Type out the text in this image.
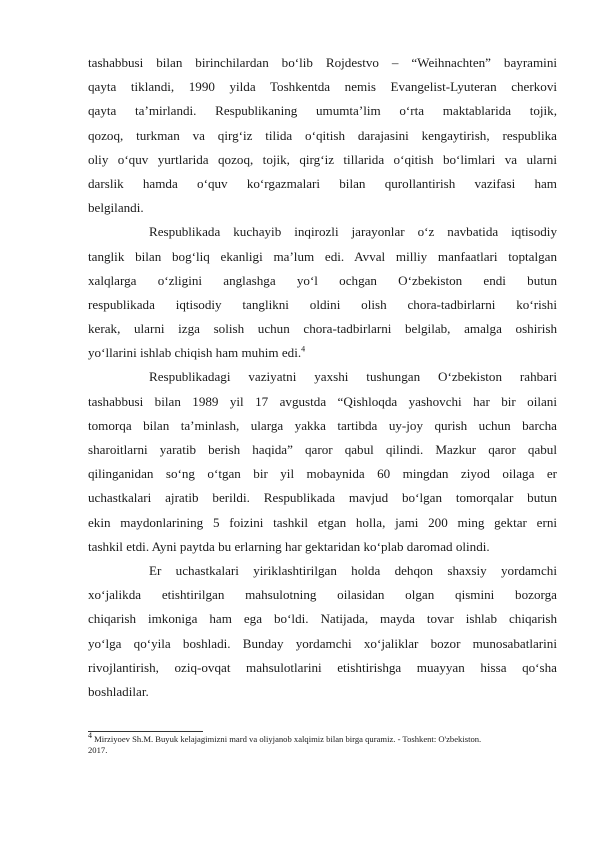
tashabbusi bilan birinchilardan bo‘lib Rojdestvo – “Weihnachten” bayramini
qayta tiklandi, 1990 yilda Toshkentda nemis Evangelist-Lyuteran cherkovi
qayta ta’mirlandi. Respublikaning umumta’lim o‘rta maktablarida tojik,
qozoq, turkman va qirg‘iz tilida o‘qitish darajasini kengaytirish, respublika
oliy o‘quv yurtlarida qozoq, tojik, qirg‘iz tillarida o‘qitish bo‘limlari va ularni
darslik hamda o‘quv ko‘rgazmalari bilan qurollantirish vazifasi ham
belgilandi.
Respublikada kuchayib inqirozli jarayonlar o‘z navbatida iqtisodiy
tanglik bilan bog‘liq ekanligi ma’lum edi. Avval milliy manfaatlari toptalgan
xalqlarga o‘zligini anglashga yo‘l ochgan O‘zbekiston endi butun
respublikada iqtisodiy tanglikni oldini olish chora-tadbirlarni ko‘rishi
kerak, ularni izga solish uchun chora-tadbirlarni belgilab, amalga oshirish
yo‘llarini ishlab chiqish ham muhim edi.$^4$
Respublikadagi vaziyatni yaxshi tushungan O‘zbekiston rahbari
tashabbusi bilan 1989 yil 17 avgustda “Qishloqda yashovchi har bir oilani
tomorqa bilan ta’minlash, ularga yakka tartibda uy-joy qurish uchun barcha
sharoitlarni yaratib berish haqida” qaror qabul qilindi. Mazkur qaror qabul
qilinganidan so‘ng o‘tgan bir yil mobaynida 60 mingdan ziyod oilaga er
uchastkalari ajratib berildi. Respublikada mavjud bo‘lgan tomorqalar butun
ekin maydonlarining 5 foizini tashkil etgan holla, jami 200 ming gektar erni
tashkil etdi. Ayni paytda bu erlarning har gektaridan ko‘plab daromad olindi.
Er uchastkalari yiriklashtirilgan holda dehqon shaxsiy yordamchi
xo‘jalikda etishtirilgan mahsulotning oilasidan olgan qismini bozorga
chiqarish imkoniga ham ega bo‘ldi. Natijada, mayda tovar ishlab chiqarish
yo‘lga qo‘yila boshladi. Bunday yordamchi xo‘jaliklar bozor munosabatlarini
rivojlantirish, oziq-ovqat mahsulotlarini etishtirishga muayyan hissa qo‘sha
boshladilar.
$^4$ Mirziyoev Sh.M. Buyuk kelajagimizni mard va oliyjanob xalqimiz bilan birga quramiz. - Toshkent: O'zbekiston.
2017.
